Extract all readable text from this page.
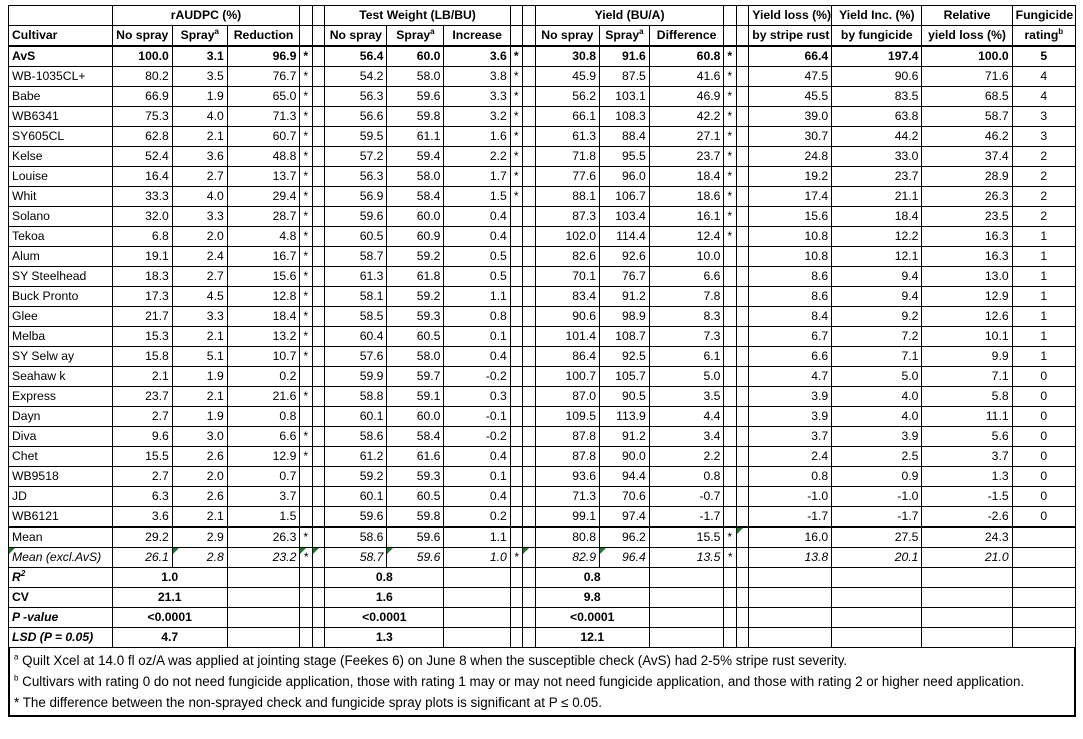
	rAUDPC (%)					Test Weight (LB/BU)					Yield (BU/A)					Yield loss (%)	Yield Inc. (%)	Relative	Fungicide
Cultivar	No spray	Spray$^a$	Reduction			No spray	Spray$^a$	Increase			No spray	Spray$^a$	Difference			by stripe rust	by fungicide	yield loss (%)	rating$^b$
AvS	100.0	3.1	96.9	*		56.4	60.0	3.6	*		30.8	91.6	60.8	*		66.4	197.4	100.0	5
WB-1035CL+	80.2	3.5	76.7	*		54.2	58.0	3.8	*		45.9	87.5	41.6	*		47.5	90.6	71.6	4
Babe	66.9	1.9	65.0	*		56.3	59.6	3.3	*		56.2	103.1	46.9	*		45.5	83.5	68.5	4
WB6341	75.3	4.0	71.3	*		56.6	59.8	3.2	*		66.1	108.3	42.2	*		39.0	63.8	58.7	3
SY605CL	62.8	2.1	60.7	*		59.5	61.1	1.6	*		61.3	88.4	27.1	*		30.7	44.2	46.2	3
Kelse	52.4	3.6	48.8	*		57.2	59.4	2.2	*		71.8	95.5	23.7	*		24.8	33.0	37.4	2
Louise	16.4	2.7	13.7	*		56.3	58.0	1.7	*		77.6	96.0	18.4	*		19.2	23.7	28.9	2
Whit	33.3	4.0	29.4	*		56.9	58.4	1.5	*		88.1	106.7	18.6	*		17.4	21.1	26.3	2
Solano	32.0	3.3	28.7	*		59.6	60.0	0.4			87.3	103.4	16.1	*		15.6	18.4	23.5	2
Tekoa	6.8	2.0	4.8	*		60.5	60.9	0.4			102.0	114.4	12.4	*		10.8	12.2	16.3	1
Alum	19.1	2.4	16.7	*		58.7	59.2	0.5			82.6	92.6	10.0			10.8	12.1	16.3	1
SY Steelhead	18.3	2.7	15.6	*		61.3	61.8	0.5			70.1	76.7	6.6			8.6	9.4	13.0	1
Buck Pronto	17.3	4.5	12.8	*		58.1	59.2	1.1			83.4	91.2	7.8			8.6	9.4	12.9	1
Glee	21.7	3.3	18.4	*		58.5	59.3	0.8			90.6	98.9	8.3			8.4	9.2	12.6	1
Melba	15.3	2.1	13.2	*		60.4	60.5	0.1			101.4	108.7	7.3			6.7	7.2	10.1	1
SY Selw ay	15.8	5.1	10.7	*		57.6	58.0	0.4			86.4	92.5	6.1			6.6	7.1	9.9	1
Seahaw k	2.1	1.9	0.2			59.9	59.7	-0.2			100.7	105.7	5.0			4.7	5.0	7.1	0
Express	23.7	2.1	21.6	*		58.8	59.1	0.3			87.0	90.5	3.5			3.9	4.0	5.8	0
Dayn	2.7	1.9	0.8			60.1	60.0	-0.1			109.5	113.9	4.4			3.9	4.0	11.1	0
Diva	9.6	3.0	6.6	*		58.6	58.4	-0.2			87.8	91.2	3.4			3.7	3.9	5.6	0
Chet	15.5	2.6	12.9	*		61.2	61.6	0.4			87.8	90.0	2.2			2.4	2.5	3.7	0
WB9518	2.7	2.0	0.7			59.2	59.3	0.1			93.6	94.4	0.8			0.8	0.9	1.3	0
JD	6.3	2.6	3.7			60.1	60.5	0.4			71.3	70.6	-0.7			-1.0	-1.0	-1.5	0
WB6121	3.6	2.1	1.5			59.6	59.8	0.2			99.1	97.4	-1.7			-1.7	-1.7	-2.6	0
Mean	29.2	2.9	26.3	*		58.6	59.6	1.1			80.8	96.2	15.5	*		16.0	27.5	24.3	
Mean (excl.AvS)	26.1	2.8	23.2	*		58.7	59.6	1.0	*		82.9	96.4	13.5	*		13.8	20.1	21.0	
$R^2$	1.0					0.8					0.8								
CV	21.1					1.6					9.8								
P -value	<0.0001					<0.0001					<0.0001								
LSD (P = 0.05)	4.7					1.3					12.1								
$^a$ Quilt Xcel at 14.0 fl oz/A was applied at jointing stage (Feekes 6) on June 8 when the susceptible check (AvS) had 2-5% stripe rust severity.
$^b$ Cultivars with rating 0 do not need fungicide application, those with rating 1 may or may not need fungicide application, and those with rating 2 or higher need application.
* The difference between the non-sprayed check and fungicide spray plots is significant at P ≤ 0.05.
